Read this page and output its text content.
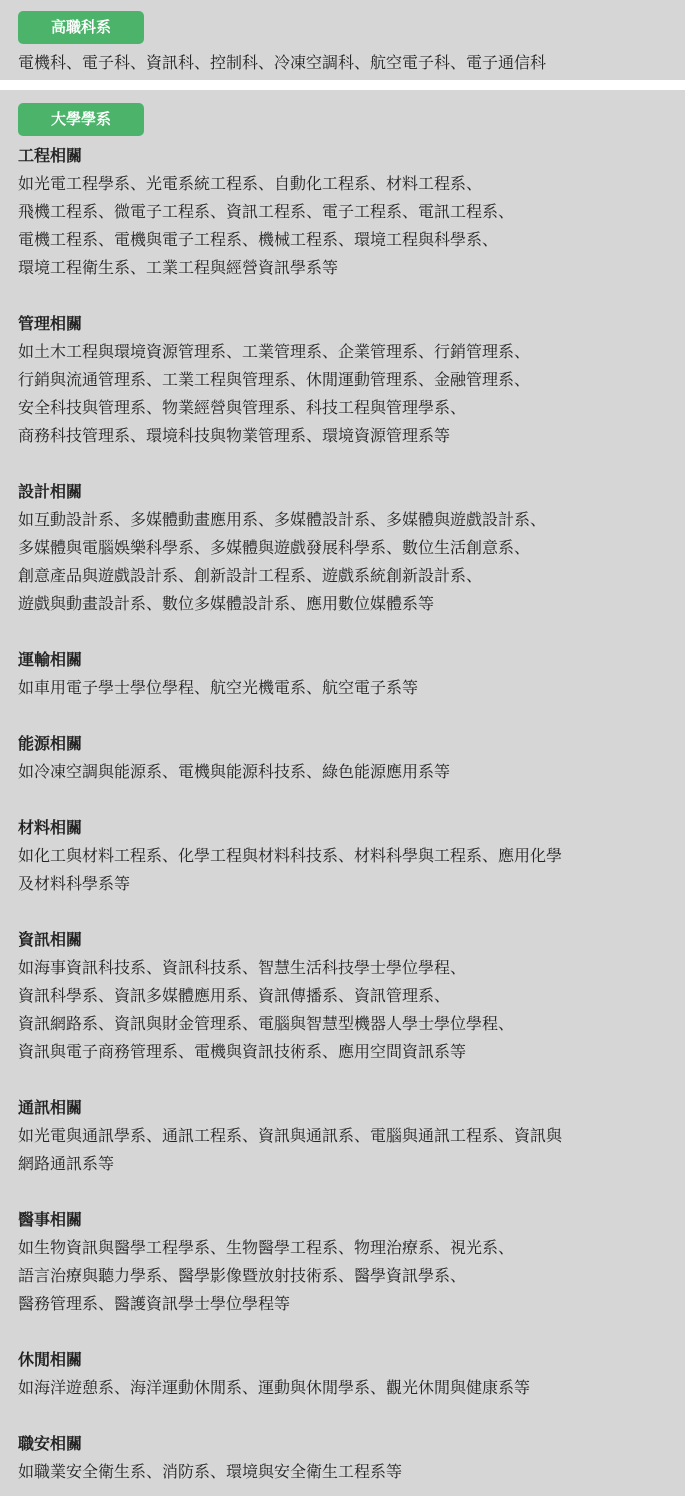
高職科系
電機科、電子科、資訊科、控制科、冷凍空調科、航空電子科、電子通信科
大學學系
工程相關
如光電工程學系、光電系統工程系、自動化工程系、材料工程系、
飛機工程系、微電子工程系、資訊工程系、電子工程系、電訊工程系、
電機工程系、電機與電子工程系、機械工程系、環境工程與科學系、
環境工程衛生系、工業工程與經營資訊學系等
管理相關
如土木工程與環境資源管理系、工業管理系、企業管理系、行銷管理系、
行銷與流通管理系、工業工程與管理系、休閒運動管理系、金融管理系、
安全科技與管理系、物業經營與管理系、科技工程與管理學系、
商務科技管理系、環境科技與物業管理系、環境資源管理系等
設計相關
如互動設計系、多媒體動畫應用系、多媒體設計系、多媒體與遊戲設計系、
多媒體與電腦娛樂科學系、多媒體與遊戲發展科學系、數位生活創意系、
創意產品與遊戲設計系、創新設計工程系、遊戲系統創新設計系、
遊戲與動畫設計系、數位多媒體設計系、應用數位媒體系等
運輸相關
如車用電子學士學位學程、航空光機電系、航空電子系等
能源相關
如冷凍空調與能源系、電機與能源科技系、綠色能源應用系等
材料相關
如化工與材料工程系、化學工程與材料科技系、材料科學與工程系、應用化學
及材料科學系等
資訊相關
如海事資訊科技系、資訊科技系、智慧生活科技學士學位學程、
資訊科學系、資訊多媒體應用系、資訊傳播系、資訊管理系、
資訊網路系、資訊與財金管理系、電腦與智慧型機器人學士學位學程、
資訊與電子商務管理系、電機與資訊技術系、應用空間資訊系等
通訊相關
如光電與通訊學系、通訊工程系、資訊與通訊系、電腦與通訊工程系、資訊與
網路通訊系等
醫事相關
如生物資訊與醫學工程學系、生物醫學工程系、物理治療系、視光系、
語言治療與聽力學系、醫學影像暨放射技術系、醫學資訊學系、
醫務管理系、醫護資訊學士學位學程等
休閒相關
如海洋遊憩系、海洋運動休閒系、運動與休閒學系、觀光休閒與健康系等
職安相關
如職業安全衛生系、消防系、環境與安全衛生工程系等
